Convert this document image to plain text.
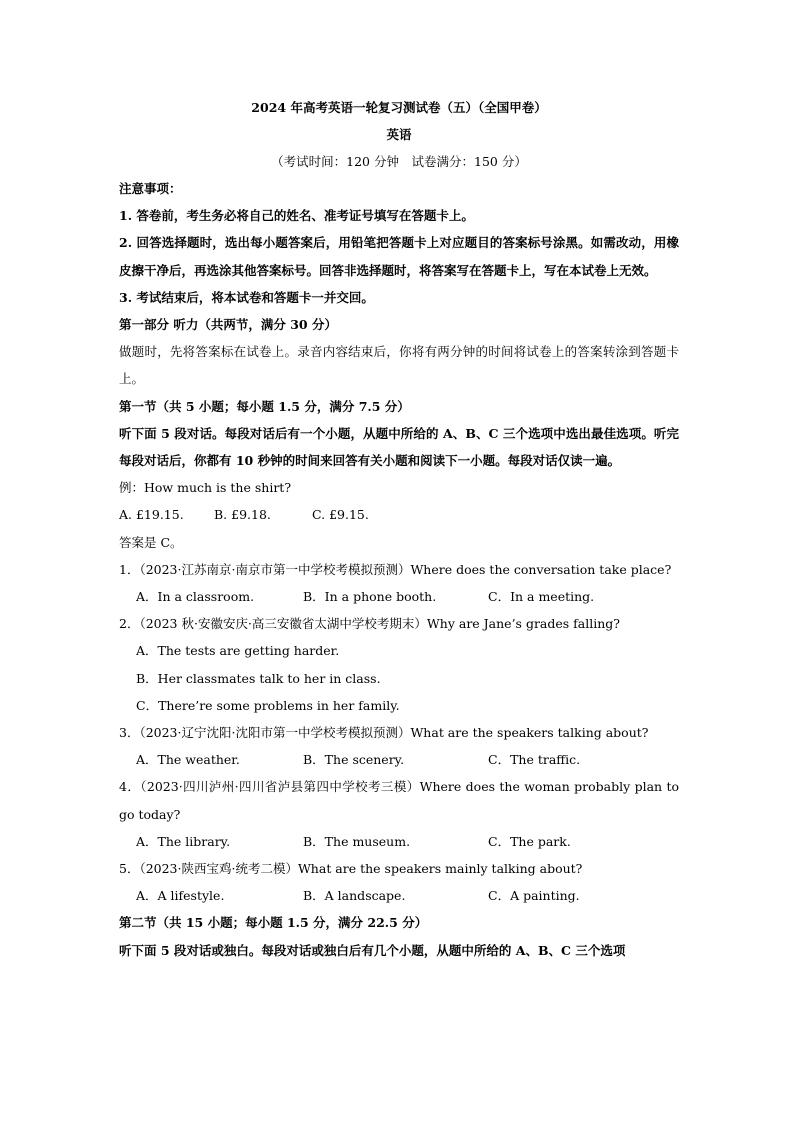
2024 年高考英语一轮复习测试卷（五）（全国甲卷）
英语
（考试时间：120 分钟　试卷满分：150 分）
注意事项：
1. 答卷前，考生务必将自己的姓名、准考证号填写在答题卡上。
2. 回答选择题时，选出每小题答案后，用铅笔把答题卡上对应题目的答案标号涂黑。如需改动，用橡皮擦干净后，再选涂其他答案标号。回答非选择题时，将答案写在答题卡上，写在本试卷上无效。
3. 考试结束后，将本试卷和答题卡一并交回。
第一部分 听力（共两节，满分 30 分）
做题时，先将答案标在试卷上。录音内容结束后，你将有两分钟的时间将试卷上的答案转涂到答题卡上。
第一节（共 5 小题；每小题 1.5 分，满分 7.5 分）
听下面 5 段对话。每段对话后有一个小题，从题中所给的 A、B、C 三个选项中选出最佳选项。听完每段对话后，你都有 10 秒钟的时间来回答有关小题和阅读下一小题。每段对话仅读一遍。
例：How much is the shirt?
A. £19.15. B. £9.18.	C. £9.15.
答案是 C。
1．（2023·江苏南京·南京市第一中学校考模拟预测）Where does the conversation take place?
A．In a classroom.	B．In a phone booth.	C．In a meeting.
2．（2023 秋·安徽安庆·高三安徽省太湖中学校考期末）Why are Jane’s grades falling?
A．The tests are getting harder.
B．Her classmates talk to her in class.
C．There’re some problems in her family.
3．（2023·辽宁沈阳·沈阳市第一中学校考模拟预测）What are the speakers talking about?
A．The weather.	B．The scenery.	C．The traffic.
4．（2023·四川泸州·四川省泸县第四中学校考三模）Where does the woman probably plan to go today?
A．The library.	B．The museum.	C．The park.
5．（2023·陕西宝鸡·统考二模）What are the speakers mainly talking about?
A．A lifestyle.	B．A landscape.	C．A painting.
第二节（共 15 小题；每小题 1.5 分，满分 22.5 分）
听下面 5 段对话或独白。每段对话或独白后有几个小题，从题中所给的 A、B、C 三个选项
